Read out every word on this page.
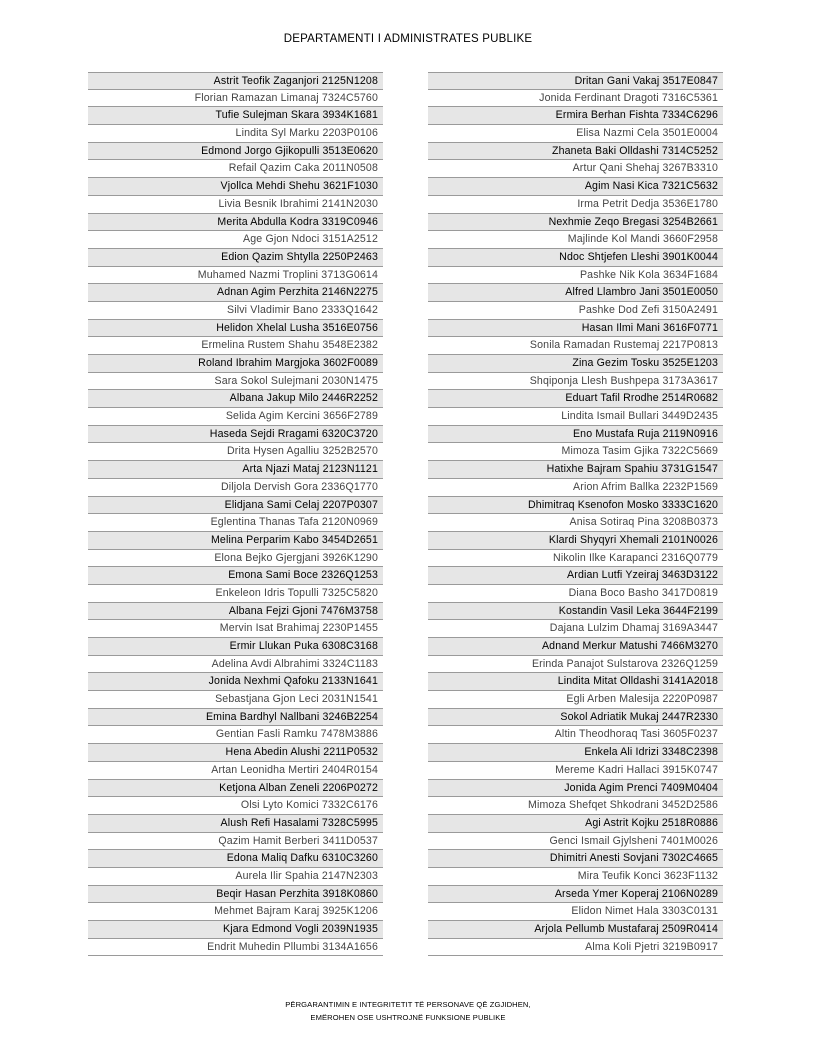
DEPARTAMENTI I ADMINISTRATES PUBLIKE
Astrit Teofik Zaganjori 2125N1208
Florian Ramazan Limanaj 7324C5760
Tufie Sulejman Skara 3934K1681
Lindita Syl Marku 2203P0106
Edmond Jorgo Gjikopulli 3513E0620
Refail Qazim Caka 2011N0508
Vjollca Mehdi Shehu 3621F1030
Livia Besnik Ibrahimi 2141N2030
Merita Abdulla Kodra 3319C0946
Age Gjon Ndoci 3151A2512
Edion Qazim Shtylla 2250P2463
Muhamed Nazmi Troplini 3713G0614
Adnan Agim Perzhita 2146N2275
Silvi Vladimir Bano 2333Q1642
Helidon Xhelal Lusha 3516E0756
Ermelina Rustem Shahu 3548E2382
Roland Ibrahim Margjoka 3602F0089
Sara Sokol Sulejmani 2030N1475
Albana Jakup Milo 2446R2252
Selida Agim Kercini 3656F2789
Haseda Sejdi Rragami 6320C3720
Drita Hysen Agalliu 3252B2570
Arta Njazi Mataj 2123N1121
Diljola Dervish Gora 2336Q1770
Elidjana Sami Celaj 2207P0307
Eglentina Thanas Tafa 2120N0969
Melina Perparim Kabo 3454D2651
Elona Bejko Gjergjani 3926K1290
Emona Sami Boce 2326Q1253
Enkeleon Idris Topulli 7325C5820
Albana Fejzi Gjoni 7476M3758
Mervin Isat Brahimaj 2230P1455
Ermir Llukan Puka 6308C3168
Adelina Avdi Albrahimi 3324C1183
Jonida Nexhmi Qafoku 2133N1641
Sebastjana Gjon Leci 2031N1541
Emina Bardhyl Nallbani 3246B2254
Gentian Fasli Ramku 7478M3886
Hena Abedin Alushi 2211P0532
Artan Leonidha Mertiri 2404R0154
Ketjona Alban Zeneli 2206P0272
Olsi Lyto Komici 7332C6176
Alush Refi Hasalami 7328C5995
Qazim Hamit Berberi 3411D0537
Edona Maliq Dafku 6310C3260
Aurela Ilir Spahia 2147N2303
Beqir Hasan Perzhita 3918K0860
Mehmet Bajram Karaj 3925K1206
Kjara Edmond Vogli 2039N1935
Endrit Muhedin Pllumbi 3134A1656
Dritan Gani Vakaj 3517E0847
Jonida Ferdinant Dragoti 7316C5361
Ermira Berhan Fishta 7334C6296
Elisa Nazmi Cela 3501E0004
Zhaneta Baki Olldashi 7314C5252
Artur Qani Shehaj 3267B3310
Agim Nasi Kica 7321C5632
Irma Petrit Dedja 3536E1780
Nexhmie Zeqo Bregasi 3254B2661
Majlinde Kol Mandi 3660F2958
Ndoc Shtjefen Lleshi 3901K0044
Pashke Nik Kola 3634F1684
Alfred Llambro Jani 3501E0050
Pashke Dod Zefi 3150A2491
Hasan Ilmi Mani 3616F0771
Sonila Ramadan Rustemaj 2217P0813
Zina Gezim Tosku 3525E1203
Shqiponja Llesh Bushpepa 3173A3617
Eduart Tafil Rrodhe 2514R0682
Lindita Ismail Bullari 3449D2435
Eno Mustafa Ruja 2119N0916
Mimoza Tasim Gjika 7322C5669
Hatixhe Bajram Spahiu 3731G1547
Arion Afrim Ballka 2232P1569
Dhimitraq Ksenofon Mosko 3333C1620
Anisa Sotiraq Pina 3208B0373
Klardi Shyqyri Xhemali 2101N0026
Nikolin Ilke Karapanci 2316Q0779
Ardian Lutfi Yzeiraj 3463D3122
Diana Boco Basho 3417D0819
Kostandin Vasil Leka 3644F2199
Dajana Lulzim Dhamaj 3169A3447
Adnand Merkur Matushi 7466M3270
Erinda Panajot Sulstarova 2326Q1259
Lindita Mitat Olldashi 3141A2018
Egli Arben Malesija 2220P0987
Sokol Adriatik Mukaj 2447R2330
Altin Theodhoraq Tasi 3605F0237
Enkela Ali Idrizi 3348C2398
Mereme Kadri Hallaci 3915K0747
Jonida Agim Prenci 7409M0404
Mimoza Shefqet Shkodrani 3452D2586
Agi Astrit Kojku 2518R0886
Genci Ismail Gjylsheni 7401M0026
Dhimitri Anesti Sovjani 7302C4665
Mira Teufik Konci 3623F1132
Arseda Ymer Koperaj 2106N0289
Elidon Nimet Hala 3303C0131
Arjola Pellumb Mustafaraj 2509R0414
Alma Koli Pjetri 3219B0917
PËRGARANTIMIN E INTEGRITETIT TË PERSONAVE QË ZGJIDHEN,
EMËROHEN OSE USHTROJNË FUNKSIONE PUBLIKE
